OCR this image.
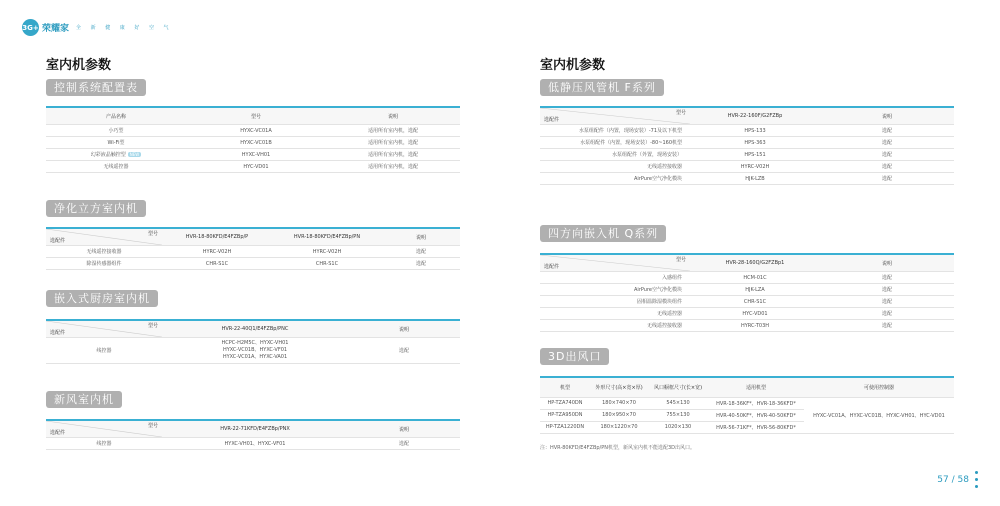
3G+ 荣耀家 全 新 健 康 好 空 气
室内机参数
控制系统配置表
产品名称	型号	说明
小巧型	HYXC-VC01A	适用所有室内机，选配
Wi-Fi型	HYXC-VC01B	适用所有室内机，选配
幻彩液晶触控型 NEW	HYXC-VH01	适用所有室内机，选配
无线遥控器	HYC-VD01	适用所有室内机，选配
净化立方室内机
型号
选配件	HVR-18-80KFD/E4FZBp/P	HVR-18-80KFD/E4FZBp/PN	说明
无线遥控接收器	HYRC-V02H	HYRC-V02H	选配
除湿传感器组件	CHR-S1C	CHR-S1C	选配
嵌入式厨房室内机
型号
选配件	HVR-22-40Q1/E4FZBp/PNC	说明
线控器	HCPC-H2M5C、HYXC-VH01
HYXC-VC01B、HYXC-VF01
HYXC-VC01A、HYXC-VA01	选配
新风室内机
型号
选配件	HVR-22-71KFD/E4FZBp/PNX	说明
线控器	HYXC-VH01、HYXC-VF01	选配
室内机参数
低静压风管机 F系列
型号
选配件	HVR-22-160F/G2FZBp	说明
水泵组配件（内置，现场安装）-71及以下机型	HPS-133	选配
水泵组配件（内置，现场安装）-80~160机型	HPS-363	选配
水泵组配件（外置，现场安装）	HPS-151	选配
无线遥控接收器	HYRC-V02H	选配
AirPure空气净化模块	HJK-LZB	选配
四方向嵌入机 Q系列
型号
选配件	HVR-28-160Q/G2FZBp1	说明
入感组件	HCM-01C	选配
AirPure空气净化模块	HJK-LZA	选配
固相温除湿模块组件	CHR-S1C	选配
无线遥控器	HYC-VD01	选配
无线遥控接收器	HYRC-T03H	选配
3D出风口
机型	外形尺寸(高×宽×厚)	风口橱框尺寸(长×宽)	适用机型	可使用控制器
HP-TZA740DN	180×740×70	545×130	HVR-18-36KF*、HVR-18-36KFD*	HYXC-VC01A、HYXC-VC01B、HYXC-VH01、HYC-VD01
HP-TZA950DN	180×950×70	755×130	HVR-40-50KF*、HVR-40-50KFD*	
HP-TZA1220DN	180×1220×70	1020×130	HVR-56-71KF*、HVR-56-80KFD*	
注：HVR-80KFD/E4FZBp/PN机型，新风室内机不能选配3D出风口。
57 / 58
